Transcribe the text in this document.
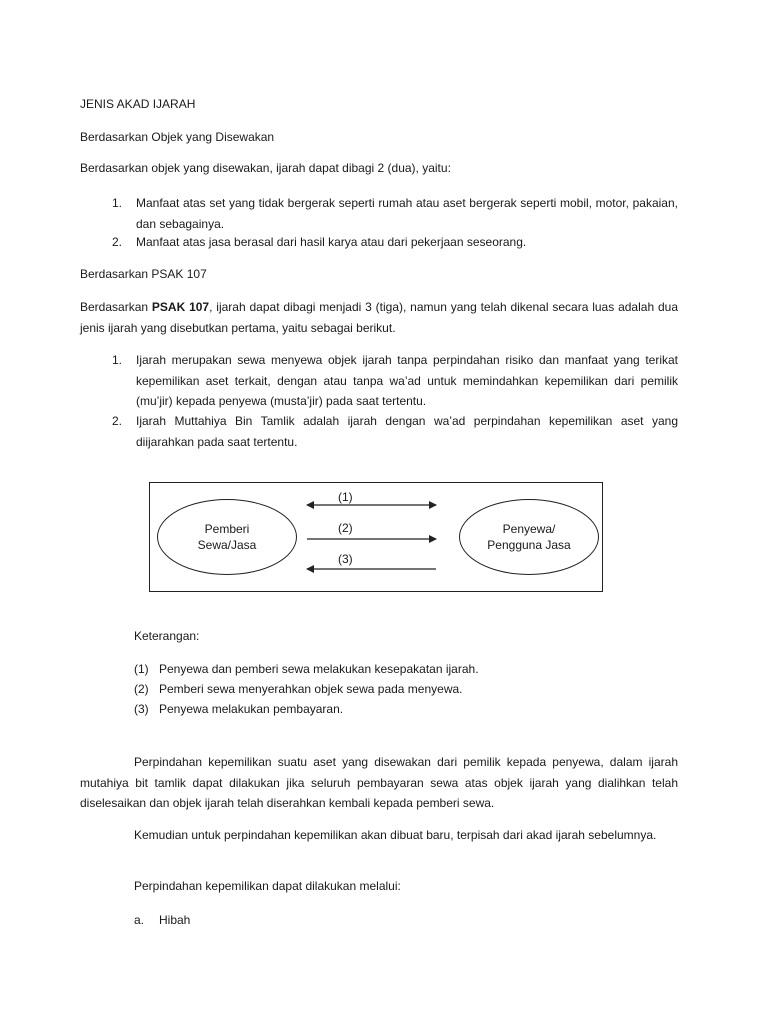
JENIS AKAD IJARAH
Berdasarkan Objek yang Disewakan
Berdasarkan objek yang disewakan, ijarah dapat dibagi 2 (dua), yaitu:
1. Manfaat atas set yang tidak bergerak seperti rumah atau aset bergerak seperti mobil, motor, pakaian, dan sebagainya.
2. Manfaat atas jasa berasal dari hasil karya atau dari pekerjaan seseorang.
Berdasarkan PSAK 107
Berdasarkan PSAK 107, ijarah dapat dibagi menjadi 3 (tiga), namun yang telah dikenal secara luas adalah dua jenis ijarah yang disebutkan pertama, yaitu sebagai berikut.
1. Ijarah merupakan sewa menyewa objek ijarah tanpa perpindahan risiko dan manfaat yang terikat kepemilikan aset terkait, dengan atau tanpa wa’ad untuk memindahkan kepemilikan dari pemilik (mu’jir) kepada penyewa (musta’jir) pada saat tertentu.
2. Ijarah Muttahiya Bin Tamlik adalah ijarah dengan wa’ad perpindahan kepemilikan aset yang diijarahkan pada saat tertentu.
Pemberi
Sewa/Jasa
Penyewa/
Pengguna Jasa
(1)
(2)
(3)
Keterangan:
(1) Penyewa dan pemberi sewa melakukan kesepakatan ijarah.
(2) Pemberi sewa menyerahkan objek sewa pada menyewa.
(3) Penyewa melakukan pembayaran.
Perpindahan kepemilikan suatu aset yang disewakan dari pemilik kepada penyewa, dalam ijarah mutahiya bit tamlik dapat dilakukan jika seluruh pembayaran sewa atas objek ijarah yang dialihkan telah diselesaikan dan objek ijarah telah diserahkan kembali kepada pemberi sewa.
Kemudian untuk perpindahan kepemilikan akan dibuat baru, terpisah dari akad ijarah sebelumnya.
Perpindahan kepemilikan dapat dilakukan melalui:
a. Hibah
